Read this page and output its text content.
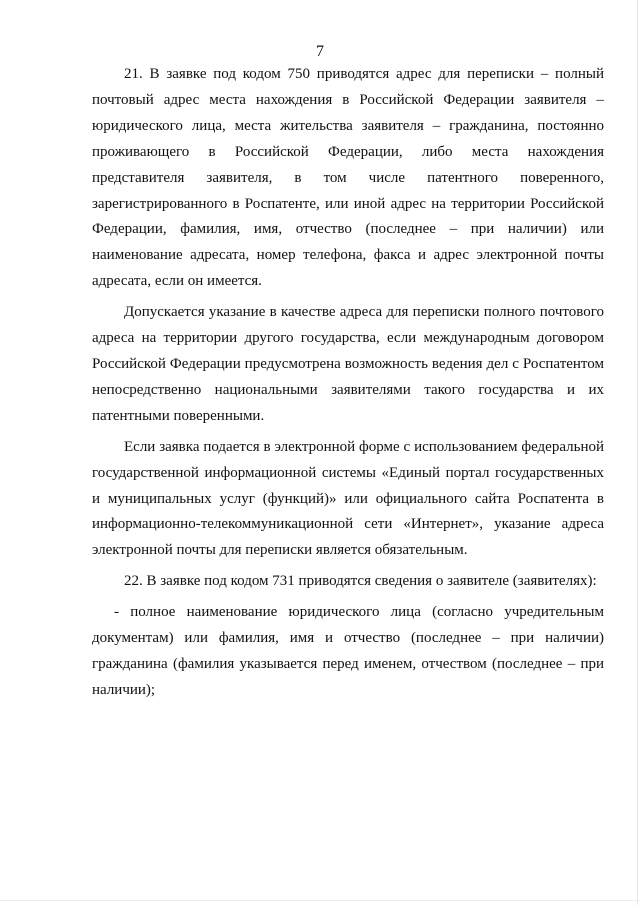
7

21. В заявке под кодом 750 приводятся адрес для переписки – полный почтовый адрес места нахождения в Российской Федерации заявителя – юридического лица, места жительства заявителя – гражданина, постоянно проживающего в Российской Федерации, либо места нахождения представителя заявителя, в том числе патентного поверенного, зарегистрированного в Роспатенте, или иной адрес на территории Российской Федерации, фамилия, имя, отчество (последнее – при наличии) или наименование адресата, номер телефона, факса и адрес электронной почты адресата, если он имеется.

Допускается указание в качестве адреса для переписки полного почтового адреса на территории другого государства, если международным договором Российской Федерации предусмотрена возможность ведения дел с Роспатентом непосредственно национальными заявителями такого государства и их патентными поверенными.

Если заявка подается в электронной форме с использованием федеральной государственной информационной системы «Единый портал государственных и муниципальных услуг (функций)» или официального сайта Роспатента в информационно-телекоммуникационной сети «Интернет», указание адреса электронной почты для переписки является обязательным.

22. В заявке под кодом 731 приводятся сведения о заявителе (заявителях):

- полное наименование юридического лица (согласно учредительным документам) или фамилия, имя и отчество (последнее – при наличии) гражданина (фамилия указывается перед именем, отчеством (последнее – при наличии);
